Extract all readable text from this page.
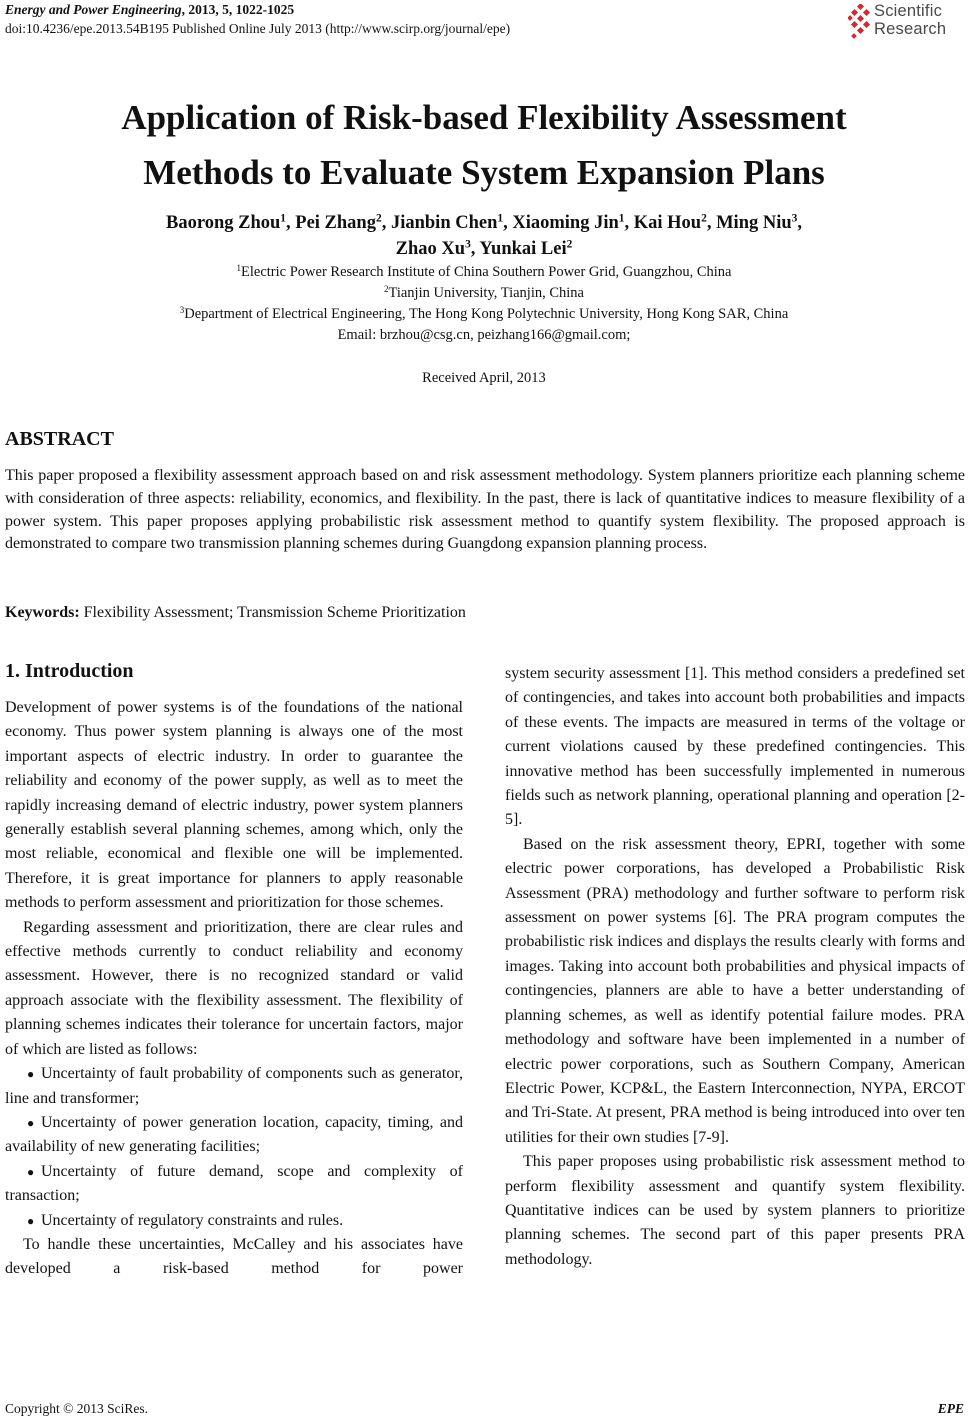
Energy and Power Engineering, 2013, 5, 1022-1025
doi:10.4236/epe.2013.54B195 Published Online July 2013 (http://www.scirp.org/journal/epe)
Scientific
Research
Application of Risk-based Flexibility Assessment
Methods to Evaluate System Expansion Plans
Baorong Zhou$^1$, Pei Zhang$^2$, Jianbin Chen$^1$, Xiaoming Jin$^1$, Kai Hou$^2$, Ming Niu$^3$,
Zhao Xu$^3$, Yunkai Lei$^2$
$^1$Electric Power Research Institute of China Southern Power Grid, Guangzhou, China
$^2$Tianjin University, Tianjin, China
$^3$Department of Electrical Engineering, The Hong Kong Polytechnic University, Hong Kong SAR, China
Email: brzhou@csg.cn, peizhang166@gmail.com;
Received April, 2013
ABSTRACT
This paper proposed a flexibility assessment approach based on and risk assessment methodology. System planners prioritize each planning scheme with consideration of three aspects: reliability, economics, and flexibility. In the past, there is lack of quantitative indices to measure flexibility of a power system. This paper proposes applying probabilistic risk assessment method to quantify system flexibility. The proposed approach is demonstrated to compare two transmission planning schemes during Guangdong expansion planning process.
Keywords: Flexibility Assessment; Transmission Scheme Prioritization
1. Introduction

Development of power systems is of the foundations of the national economy. Thus power system planning is always one of the most important aspects of electric industry. In order to guarantee the reliability and economy of the power supply, as well as to meet the rapidly increasing demand of electric industry, power system planners generally establish several planning schemes, among which, only the most reliable, economical and flexible one will be implemented. Therefore, it is great importance for planners to apply reasonable methods to perform assessment and prioritization for those schemes.

Regarding assessment and prioritization, there are clear rules and effective methods currently to conduct reliability and economy assessment. However, there is no recognized standard or valid approach associate with the flexibility assessment. The flexibility of planning schemes indicates their tolerance for uncertain factors, major of which are listed as follows:

● Uncertainty of fault probability of components such as generator, line and transformer;
● Uncertainty of power generation location, capacity, timing, and availability of new generating facilities;
● Uncertainty of future demand, scope and complexity of transaction;
● Uncertainty of regulatory constraints and rules.

To handle these uncertainties, McCalley and his associates have developed a risk-based method for power

system security assessment [1]. This method considers a predefined set of contingencies, and takes into account both probabilities and impacts of these events. The impacts are measured in terms of the voltage or current violations caused by these predefined contingencies. This innovative method has been successfully implemented in numerous fields such as network planning, operational planning and operation [2-5].

Based on the risk assessment theory, EPRI, together with some electric power corporations, has developed a Probabilistic Risk Assessment (PRA) methodology and further software to perform risk assessment on power systems [6]. The PRA program computes the probabilistic risk indices and displays the results clearly with forms and images. Taking into account both probabilities and physical impacts of contingencies, planners are able to have a better understanding of planning schemes, as well as identify potential failure modes. PRA methodology and software have been implemented in a number of electric power corporations, such as Southern Company, American Electric Power, KCP&L, the Eastern Interconnection, NYPA, ERCOT and Tri-State. At present, PRA method is being introduced into over ten utilities for their own studies [7-9].

This paper proposes using probabilistic risk assessment method to perform flexibility assessment and quantify system flexibility. Quantitative indices can be used by system planners to prioritize planning schemes. The second part of this paper presents PRA methodology.

Copyright © 2013 SciRes.	EPE
